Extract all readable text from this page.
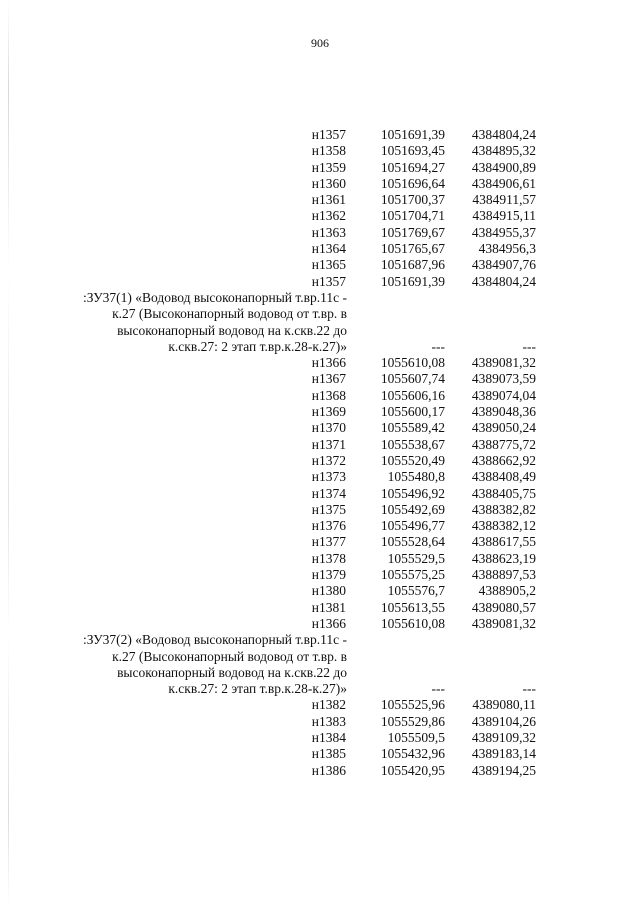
906
н1357	1051691,39	4384804,24
н1358	1051693,45	4384895,32
н1359	1051694,27	4384900,89
н1360	1051696,64	4384906,61
н1361	1051700,37	4384911,57
н1362	1051704,71	4384915,11
н1363	1051769,67	4384955,37
н1364	1051765,67	4384956,3
н1365	1051687,96	4384907,76
н1357	1051691,39	4384804,24
:ЗУ37(1) «Водовод высоконапорный т.вр.11с -
к.27 (Высоконапорный водовод от т.вр. в
высоконапорный водовод на к.скв.22 до
к.скв.27: 2 этап т.вр.к.28-к.27)»	---	---
н1366	1055610,08	4389081,32
н1367	1055607,74	4389073,59
н1368	1055606,16	4389074,04
н1369	1055600,17	4389048,36
н1370	1055589,42	4389050,24
н1371	1055538,67	4388775,72
н1372	1055520,49	4388662,92
н1373	1055480,8	4388408,49
н1374	1055496,92	4388405,75
н1375	1055492,69	4388382,82
н1376	1055496,77	4388382,12
н1377	1055528,64	4388617,55
н1378	1055529,5	4388623,19
н1379	1055575,25	4388897,53
н1380	1055576,7	4388905,2
н1381	1055613,55	4389080,57
н1366	1055610,08	4389081,32
:ЗУ37(2) «Водовод высоконапорный т.вр.11с -
к.27 (Высоконапорный водовод от т.вр. в
высоконапорный водовод на к.скв.22 до
к.скв.27: 2 этап т.вр.к.28-к.27)»	---	---
н1382	1055525,96	4389080,11
н1383	1055529,86	4389104,26
н1384	1055509,5	4389109,32
н1385	1055432,96	4389183,14
н1386	1055420,95	4389194,25
